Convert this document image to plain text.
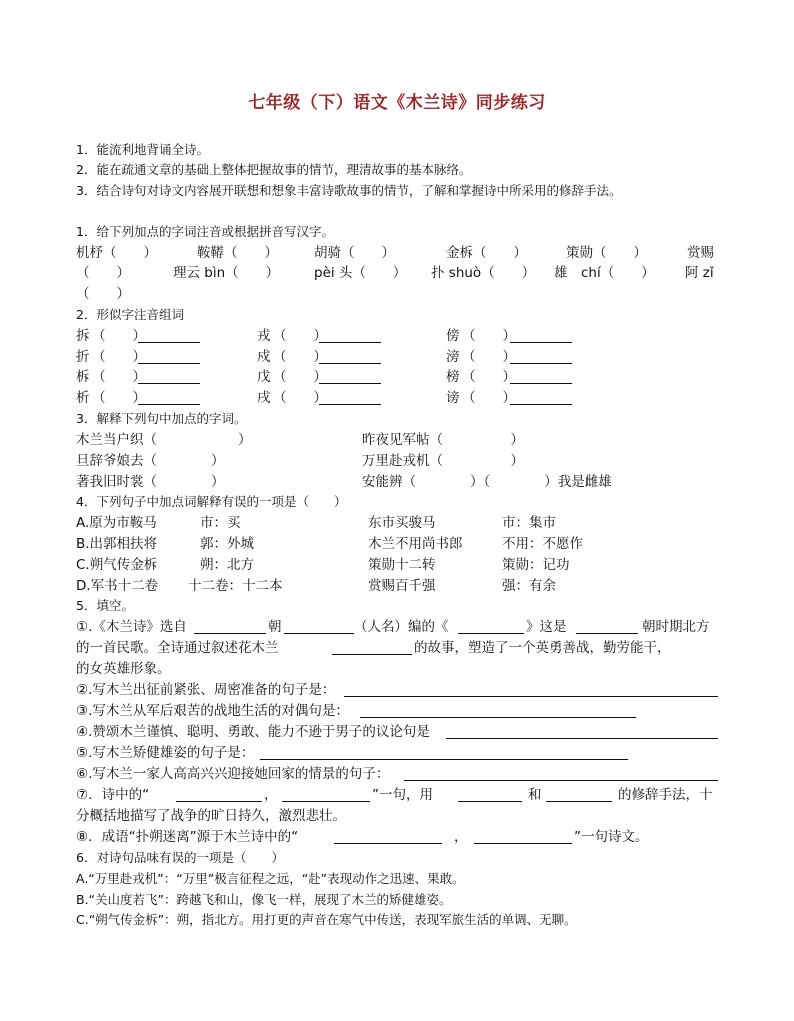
七年级（下）语文《木兰诗》同步练习
1．能流利地背诵全诗。
2．能在疏通文章的基础上整体把握故事的情节，理清故事的基本脉络。
3．结合诗句对诗文内容展开联想和想象丰富诗歌故事的情节，了解和掌握诗中所采用的修辞手法。
1．给下列加点的字词注音或根据拼音写汉字。
机杼（　　）	鞍鞯（　　）	胡骑（　　）	金柝（　　）	策勋（　　）	赏赐
（　　）	理云 bìn（　　）	pèi 头（　　） 扑 shuò（　　） 雄　chí（　　） 阿 zǐ
（　　）
2．形似字注音组词
拆 （　　）	戎 （　　）	傍 （　　）
折 （　　）	戍 （　　）	滂 （　　）
柝 （　　）	戊 （　　）	榜 （　　）
析 （　　）	戌 （　　）	谤 （　　）
3．解释下列句中加点的字词。
木兰当户织（　　　　　　）	昨夜见军帖（　　　　　）
旦辞爷娘去（　　　　）	万里赴戎机（　　　　　）
著我旧时裳（　　　　）	安能辨（　　　　）（　　　　）我是雌雄
4．下列句子中加点词解释有误的一项是（　　）
A.原为市鞍马	市：买	东市买骏马	市：集市
B.出郭相扶将	郭：外城	木兰不用尚书郎	不用：不愿作
C.朔气传金柝	朔：北方	策勋十二转	策勋：记功
D.军书十二卷 十二卷：十二本	赏赐百千强	强：有余
5．填空。
①.《木兰诗》选自	朝	（人名）编的《	》这是	朝时期北方
的一首民歌。全诗通过叙述花木兰	的故事，塑造了一个英勇善战，勤劳能干，
的女英雄形象。
②.写木兰出征前紧张、周密准备的句子是：
③.写木兰从军后艰苦的战地生活的对偶句是：
④.赞颂木兰谨慎、聪明、勇敢、能力不逊于男子的议论句是
⑤.写木兰矫健雄姿的句子是：
⑥.写木兰一家人高高兴兴迎接她回家的情景的句子：
⑦．诗中的“	，	”一句，用	和	的修辞手法，十
分概括地描写了战争的旷日持久，激烈悲壮。
⑧．成语“扑朔迷离”源于木兰诗中的“	，	”一句诗文。
6．对诗句品味有误的一项是（　　）
A.“万里赴戎机”：“万里”极言征程之远，“赴”表现动作之迅速、果敢。
B.“关山度若飞”：跨越飞和山，像飞一样，展现了木兰的矫健雄姿。
C.“朔气传金柝”：朔，指北方。用打更的声音在寒气中传送，表现军旅生活的单调、无聊。
